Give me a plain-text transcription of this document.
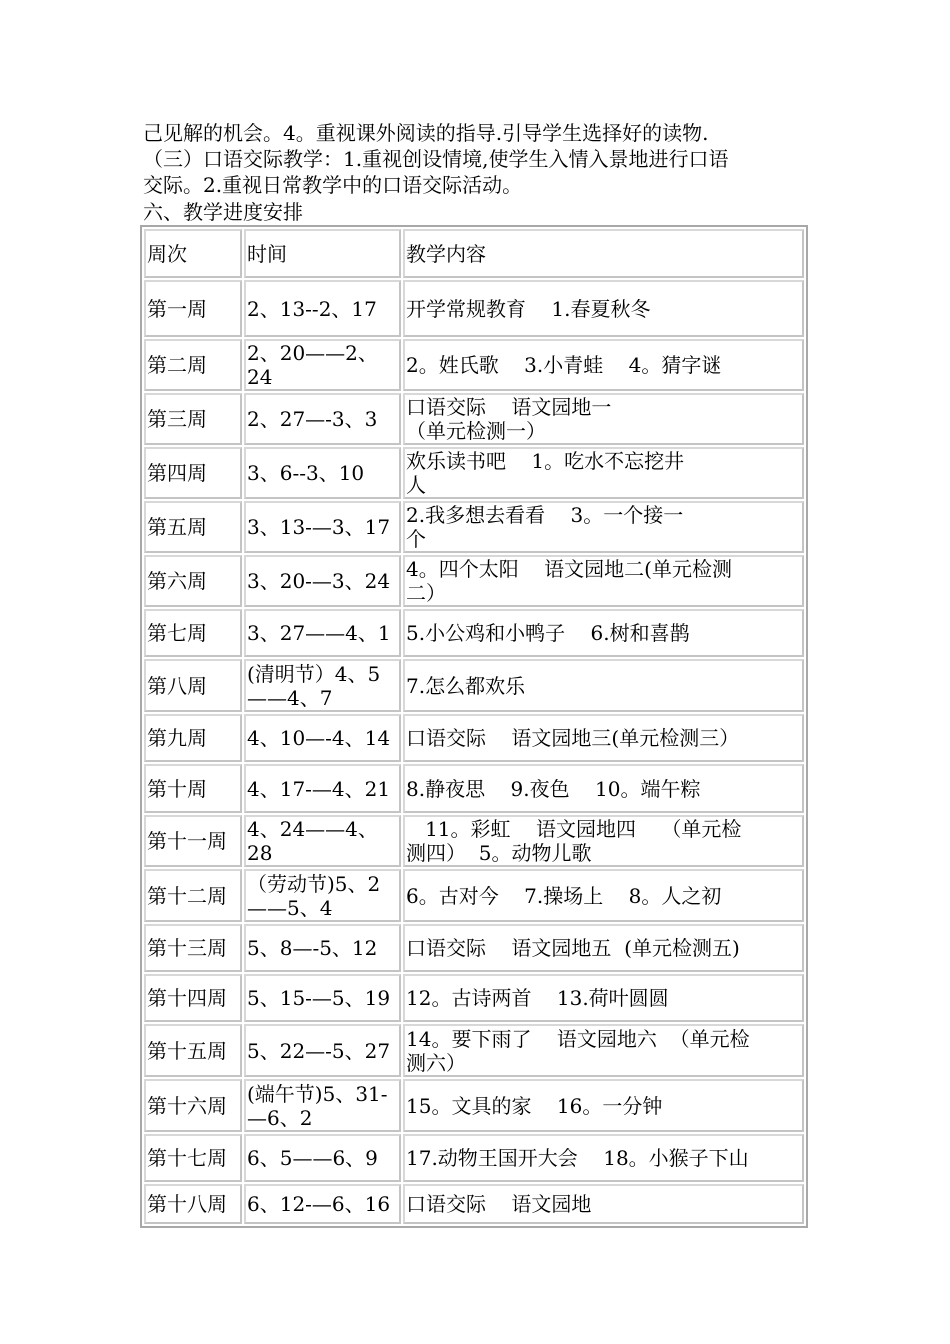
己见解的机会。4。重视课外阅读的指导.引导学生选择好的读物.

（三）口语交际教学：1.重视创设情境,使学生入情入景地进行口语

交际。2.重视日常教学中的口语交际活动。

六、教学进度安排
周次	时间	教学内容
第一周	2、13--2、17	开学常规教育    1.春夏秋冬
第二周	2、20——2、24	2。姓氏歌    3.小青蛙    4。猜字谜
第三周	2、27—-3、3	口语交际    语文园地一
（单元检测一）
第四周	3、6--3、10	欢乐读书吧    1。吃水不忘挖井
人
第五周	3、13-—3、17	2.我多想去看看    3。一个接一
个
第六周	3、20-—3、24	4。四个太阳    语文园地二(单元检测
二）
第七周	3、27——4、1	5.小公鸡和小鸭子    6.树和喜鹊
第八周	(清明节）4、5
——4、7	7.怎么都欢乐
第九周	4、10—-4、14	口语交际    语文园地三(单元检测三）
第十周	4、17-—4、21	8.静夜思    9.夜色    10。端午粽
第十一周	4、24——4、28	11。彩虹    语文园地四    （单元检
测四）  5。动物儿歌
第十二周	（劳动节)5、2
——5、4	6。古对今    7.操场上    8。人之初
第十三周	5、8—-5、12	口语交际    语文园地五  (单元检测五)
第十四周	5、15-—5、19	12。古诗两首    13.荷叶圆圆
第十五周	5、22—-5、27	14。要下雨了    语文园地六  （单元检
测六）
第十六周	(端午节)5、31-
—6、2	15。文具的家    16。一分钟
第十七周	6、5——6、9	17.动物王国开大会    18。小猴子下山
第十八周	6、12-—6、16	口语交际    语文园地
